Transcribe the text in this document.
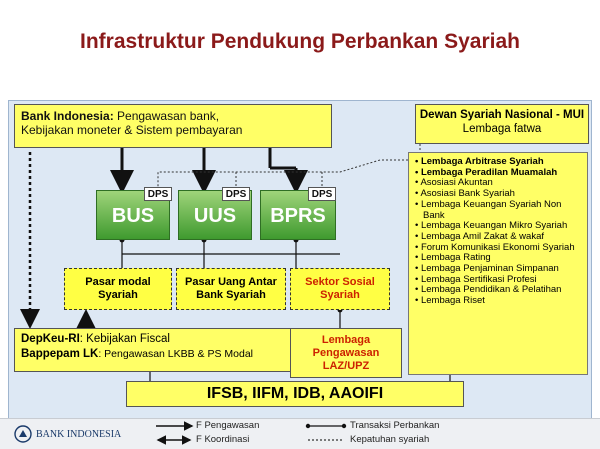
Infrastruktur Pendukung Perbankan Syariah
Bank Indonesia: Pengawasan bank,
Kebijakan moneter & Sistem pembayaran
Dewan Syariah Nasional - MUI
Lembaga fatwa
BUS
DPS
UUS
DPS
BPRS
DPS
Pasar modal
Syariah
Pasar Uang Antar
Bank Syariah
Sektor Sosial
Syariah
DepKeu-RI: Kebijakan Fiscal
Bappepam LK: Pengawasan LKBB & PS Modal
Lembaga
Pengawasan
LAZ/UPZ
• Lembaga Arbitrase Syariah
• Lembaga Peradilan Muamalah
• Asosiasi Akuntan
• Asosiasi Bank Syariah
• Lembaga Keuangan Syariah Non Bank
• Lembaga Keuangan Mikro Syariah
• Lembaga Amil Zakat & wakaf
• Forum Komunikasi Ekonomi Syariah
• Lembaga Rating
• Lembaga Penjaminan Simpanan
• Lembaga Sertifikasi Profesi
• Lembaga Pendidikan & Pelatihan
• Lembaga Riset
IFSB, IIFM, IDB, AAOIFI
BANK INDONESIA
F Pengawasan
F Koordinasi
Transaksi Perbankan
Kepatuhan syariah
